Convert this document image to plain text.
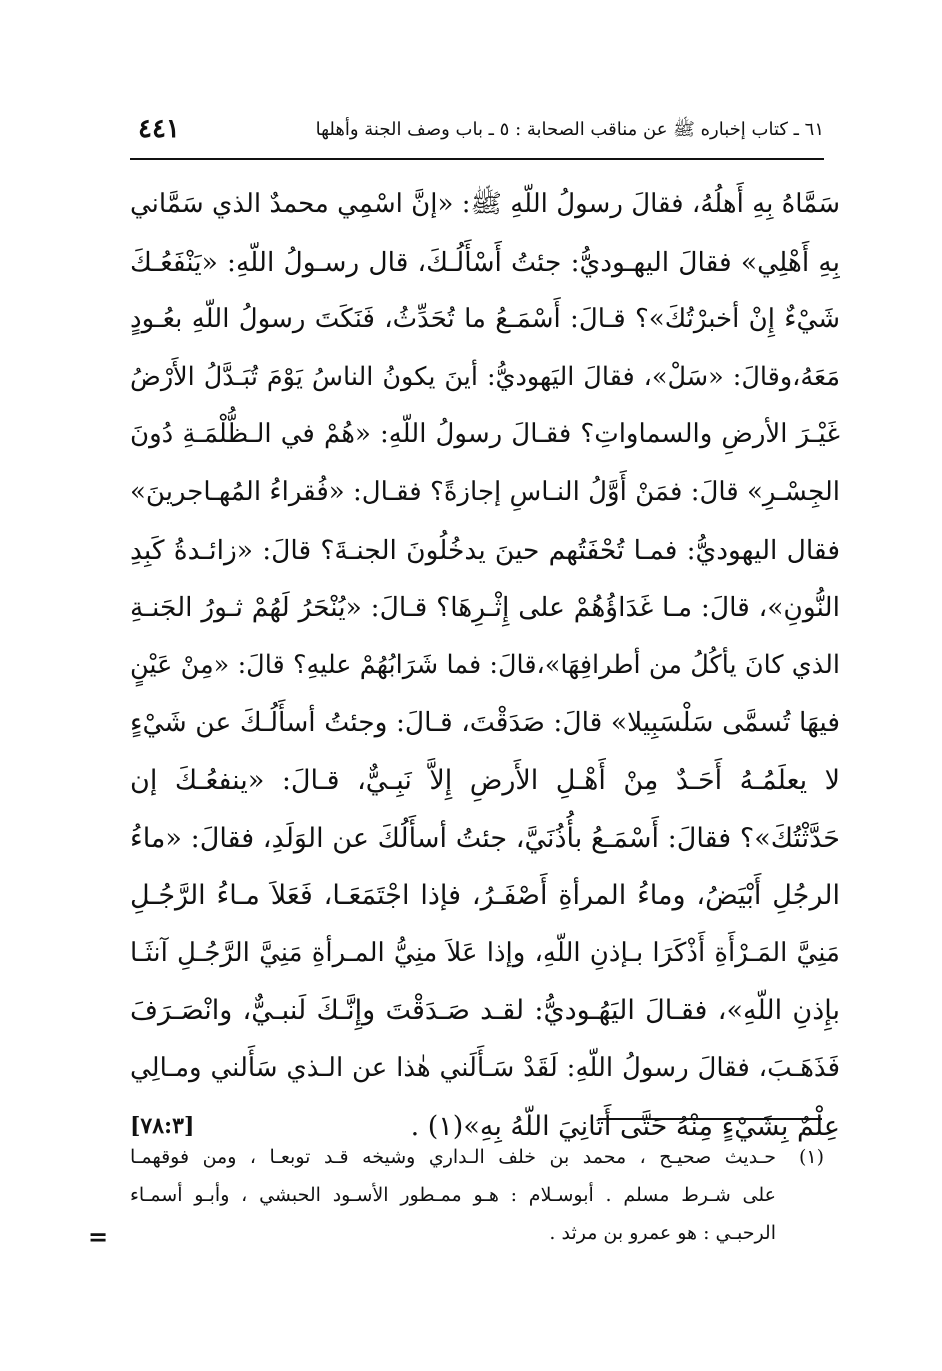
٦١ ـ كتاب إخباره ﷺ عن مناقب الصحابة : ٥ ـ باب وصف الجنة وأهلها
٤٤١
سَمَّاهُ بِهِ أَهلُهُ، فقالَ رسولُ اللّهِ ﷺ: «إنَّ اسْمِي محمدٌ الذي سَمَّاني
بِهِ أَهْلِي» فقالَ اليهـوديُّ: جئتُ أَسْأَلُـكَ، قال رسـولُ اللّهِ: «يَنْفَعُـكَ
شَيْءٌ إِنْ أخبرْتُكَ»؟ قـالَ: أَسْمَـعُ ما تُحَدِّثُ، فَنَكَتَ رسولُ اللّهِ بعُـودٍ
مَعَهُ،وقالَ: «سَلْ»، فقالَ اليَهوديُّ: أينَ يكونُ الناسُ يَوْمَ تُبَـدَّلُ الأَرْضُ
غَيْـرَ الأرضِ والسماواتِ؟ فقـالَ رسولُ اللّهِ: «هُمْ في الـظُّلْمَـةِ دُونَ
الجِسْـرِ» قالَ: فمَنْ أَوَّلُ النـاسِ إجازةً؟ فقـال: «فُقراءُ المُهـاجرينَ»
فقال اليهوديُّ: فمـا تُحْفَتُهم حينَ يدخُلُونَ الجنـةَ؟ قالَ: «زائـدةُ كَبِدِ
النُّونِ»، قالَ: مـا غَدَاؤُهُمْ على إِثْـرِهَا؟ قـالَ: «يُنْحَرُ لَهُمْ ثـورُ الجَنـةِ
الذي كانَ يأكُلُ من أطرافِهَا»،قالَ: فما شَرَابُهُمْ عليهِ؟ قالَ: «مِنْ عَيْنٍ
فيهَا تُسمَّى سَلْسَبِيلا» قالَ: صَدَقْتَ، قـالَ: وجئتُ أسأَلُـكَ عن شَيْءٍ
لا يعلَمُـهُ أَحَـدٌ مِنْ أَهْـلِ الأَرضِ إِلاَّ نَبِـيٌّ، قـالَ: «ينفعُـكَ إن
حَدَّثْتُكَ»؟ فقالَ: أَسْمَـعُ بأُذُنَيَّ، جئتُ أسأَلُكَ عن الوَلَدِ، فقالَ: «ماءُ
الرجُلِ أَبْيَضُ، وماءُ المرأةِ أَصْفَـرُ، فإذا اجْتَمَعَـا، فَعَلاَ مـاءُ الرَّجُـلِ
مَنِيَّ المَـرْأَةِ أَذْكَرَا بـإذنِ اللّهِ، وإذا عَلاَ منِيُّ المـرأةِ مَنِيَّ الرَّجُـلِ آنثَـا
بإِذنِ اللّهِ»، فقـالَ اليَهُـوديُّ: لقـد صَـدَقْتَ وإِنَّـكَ لَنبـيٌّ، وانْصَـرَفَ
فَذَهَـبَ، فقالَ رسولُ اللّهِ: لَقَدْ سَـأَلَني هٰذا عن الـذي سَأَلني ومـالِي
عِلْمٌ بِشَيْءٍ مِنْهُ حَتَّى أَتَانِيَ اللّهُ بِهِ»(١) .
[٧٨:٣]
(١)حـديث صحيـح ، محمد بن خلف الـداري وشيخه قـد توبعـا ، ومن فوقهمـا
على شـرط مسلم . أبوسـلام : هـو ممـطور الأسـود الحبشي ، وأبـو أسمـاء
الرحبـي : هو عمرو بن مرثد .
=
